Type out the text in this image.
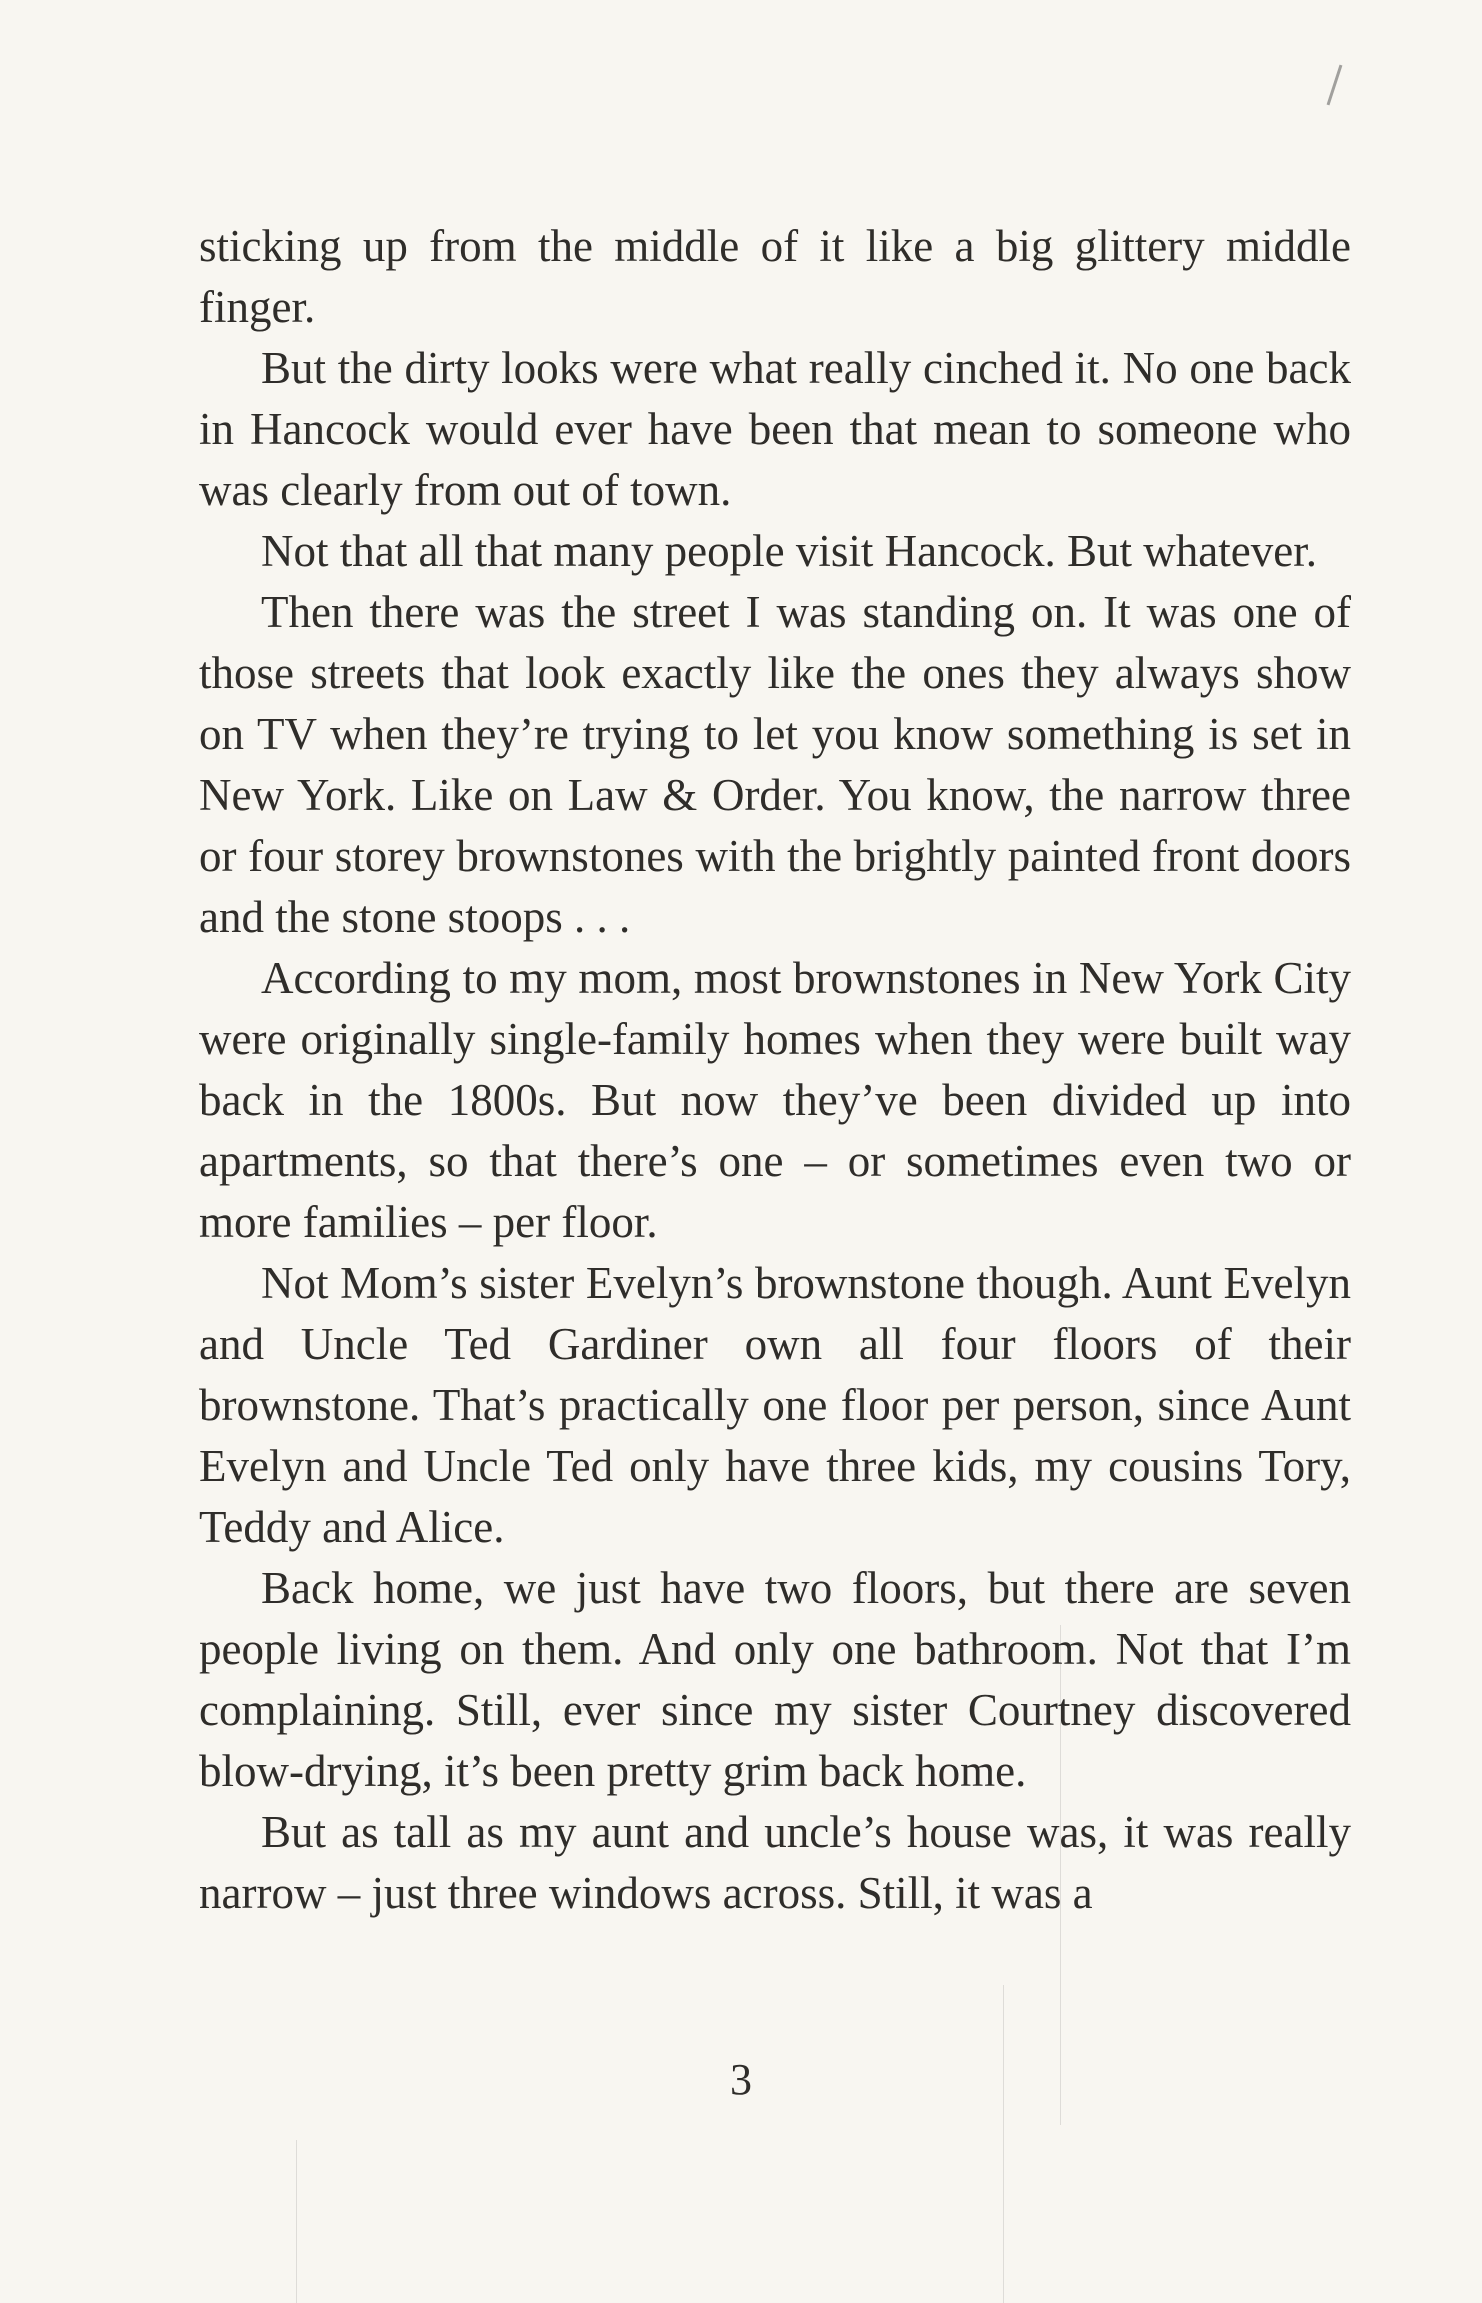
sticking up from the middle of it like a big glittery middle finger.

But the dirty looks were what really cinched it. No one back in Hancock would ever have been that mean to someone who was clearly from out of town.

Not that all that many people visit Hancock. But whatever.

Then there was the street I was standing on. It was one of those streets that look exactly like the ones they always show on TV when they’re trying to let you know something is set in New York. Like on Law & Order. You know, the narrow three or four storey brownstones with the brightly painted front doors and the stone stoops . . .

According to my mom, most brownstones in New York City were originally single-family homes when they were built way back in the 1800s. But now they’ve been divided up into apartments, so that there’s one – or sometimes even two or more families – per floor.

Not Mom’s sister Evelyn’s brownstone though. Aunt Evelyn and Uncle Ted Gardiner own all four floors of their brownstone. That’s practically one floor per person, since Aunt Evelyn and Uncle Ted only have three kids, my cousins Tory, Teddy and Alice.

Back home, we just have two floors, but there are seven people living on them. And only one bathroom. Not that I’m complaining. Still, ever since my sister Courtney discovered blow-drying, it’s been pretty grim back home.

But as tall as my aunt and uncle’s house was, it was really narrow – just three windows across. Still, it was a

3
